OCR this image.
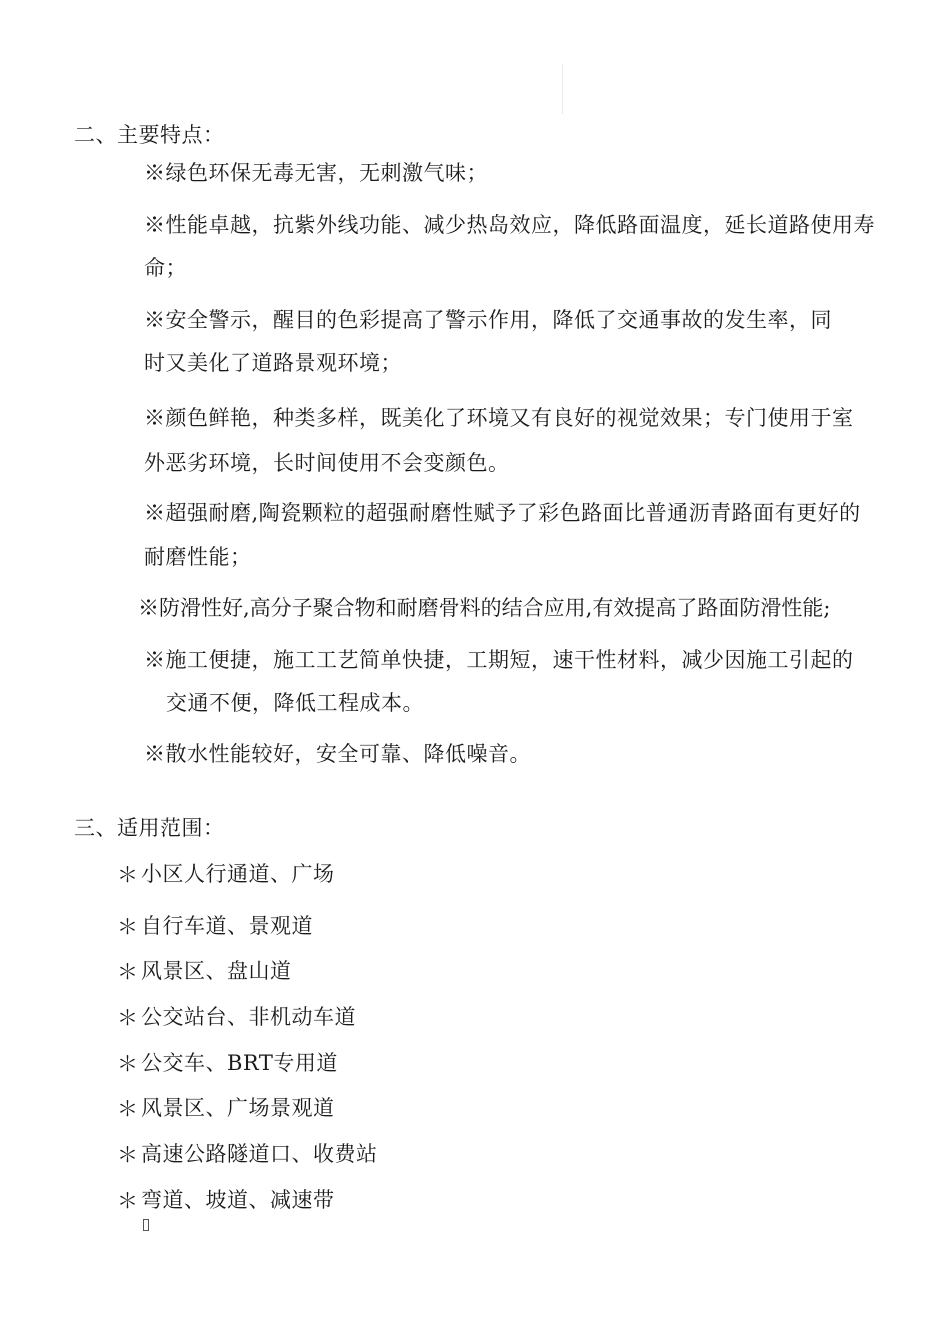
二、主要特点：
※绿色环保无毒无害，无刺激气味；
※性能卓越，抗紫外线功能、减少热岛效应，降低路面温度，延长道路使用寿
命；
※安全警示，醒目的色彩提高了警示作用，降低了交通事故的发生率，同
时又美化了道路景观环境；
※颜色鲜艳，种类多样，既美化了环境又有良好的视觉效果；专门使用于室
外恶劣环境，长时间使用不会变颜色。
※超强耐磨,陶瓷颗粒的超强耐磨性赋予了彩色路面比普通沥青路面有更好的
耐磨性能；
※防滑性好,高分子聚合物和耐磨骨料的结合应用,有效提高了路面防滑性能;
※施工便捷，施工工艺简单快捷，工期短，速干性材料，减少因施工引起的
交通不便，降低工程成本。
※散水性能较好，安全可靠、降低噪音。
三、适用范围：
＊ 小区人行通道、广场
＊ 自行车道、景观道
＊ 风景区、盘山道
＊ 公交站台、非机动车道
＊ 公交车、BRT专用道
＊ 风景区、广场景观道
＊ 高速公路隧道口、收费站
＊ 弯道、坡道、减速带
